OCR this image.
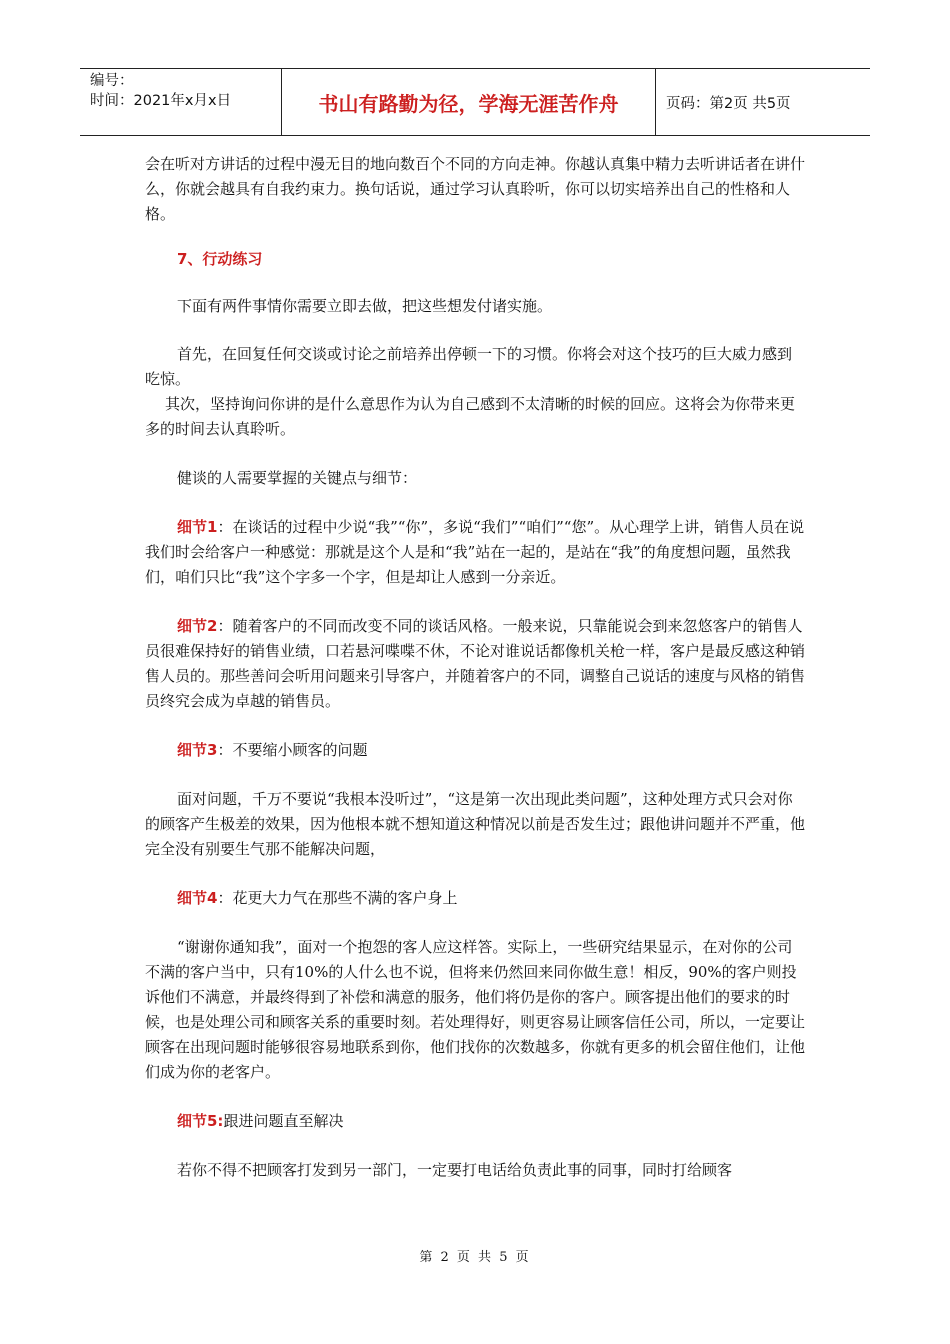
编号：
时间：2021年x月x日	书山有路勤为径，学海无涯苦作舟	页码：第2页 共5页

会在听对方讲话的过程中漫无目的地向数百个不同的方向走神。你越认真集中精力去听讲话者在讲什么，你就会越具有自我约束力。换句话说，通过学习认真聆听，你可以切实培养出自己的性格和人格。

7、行动练习

下面有两件事情你需要立即去做，把这些想发付诸实施。

首先，在回复任何交谈或讨论之前培养出停顿一下的习惯。你将会对这个技巧的巨大威力感到吃惊。

其次，坚持询问你讲的是什么意思作为认为自己感到不太清晰的时候的回应。这将会为你带来更多的时间去认真聆听。

健谈的人需要掌握的关键点与细节：

细节1：在谈话的过程中少说“我”“你”，多说“我们”“咱们”“您”。从心理学上讲，销售人员在说我们时会给客户一种感觉：那就是这个人是和“我”站在一起的，是站在“我”的角度想问题，虽然我们，咱们只比“我”这个字多一个字，但是却让人感到一分亲近。

细节2：随着客户的不同而改变不同的谈话风格。一般来说，只靠能说会到来忽悠客户的销售人员很难保持好的销售业绩，口若悬河喋喋不休，不论对谁说话都像机关枪一样，客户是最反感这种销售人员的。那些善问会听用问题来引导客户，并随着客户的不同，调整自己说话的速度与风格的销售员终究会成为卓越的销售员。

细节3：不要缩小顾客的问题

面对问题，千万不要说“我根本没听过”，“这是第一次出现此类问题”，这种处理方式只会对你的顾客产生极差的效果，因为他根本就不想知道这种情况以前是否发生过；跟他讲问题并不严重，他完全没有别要生气那不能解决问题，

细节4：花更大力气在那些不满的客户身上

“谢谢你通知我”，面对一个抱怨的客人应这样答。实际上，一些研究结果显示，在对你的公司不满的客户当中，只有10%的人什么也不说，但将来仍然回来同你做生意！相反，90%的客户则投诉他们不满意，并最终得到了补偿和满意的服务，他们将仍是你的客户。顾客提出他们的要求的时候，也是处理公司和顾客关系的重要时刻。若处理得好，则更容易让顾客信任公司，所以，一定要让顾客在出现问题时能够很容易地联系到你，他们找你的次数越多，你就有更多的机会留住他们，让他们成为你的老客户。

细节5:跟进问题直至解决

若你不得不把顾客打发到另一部门，一定要打电话给负责此事的同事，同时打给顾客

第 2 页 共 5 页
